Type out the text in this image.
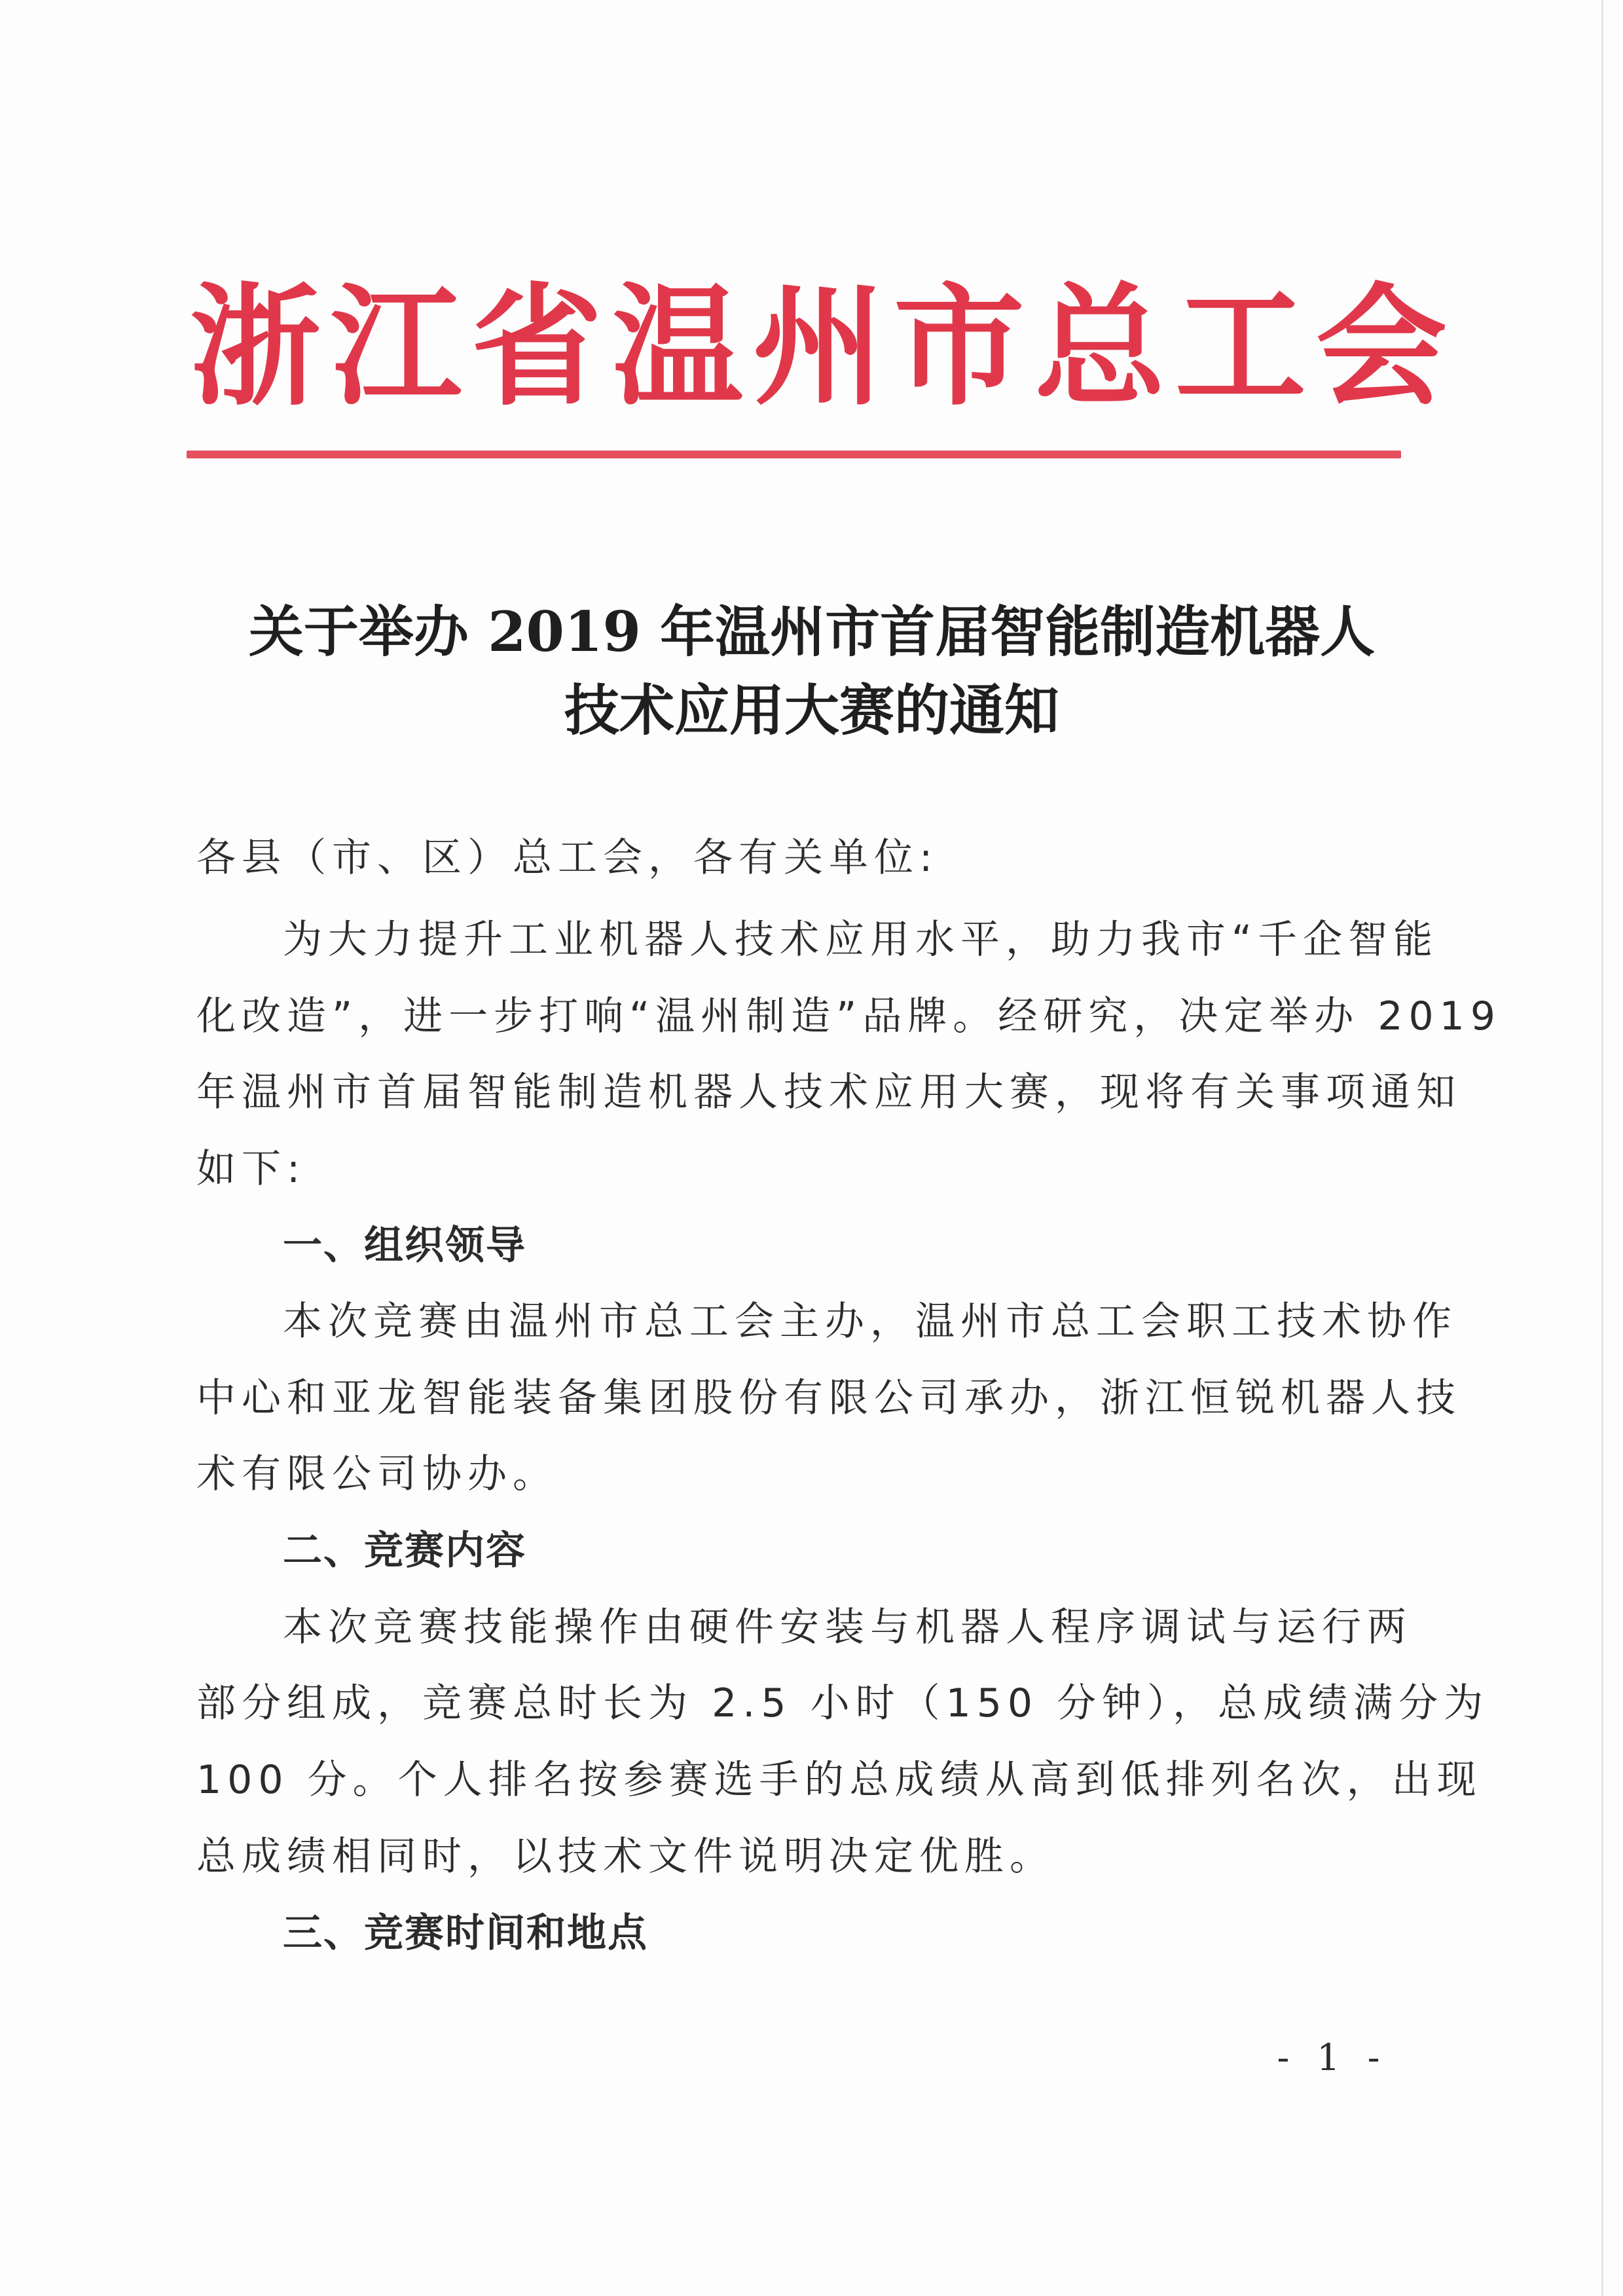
浙 江 省 温 州 市 总 工 会
关于举办 2019 年温州市首届智能制造机器人
技术应用大赛的通知
各县（市、区）总工会，各有关单位:
为大力提升工业机器人技术应用水平，助力我市“千企智能
化改造”，进一步打响“温州制造”品牌。经研究，决定举办 2019
年温州市首届智能制造机器人技术应用大赛，现将有关事项通知
如下:
一、组织领导
本次竞赛由温州市总工会主办，温州市总工会职工技术协作
中心和亚龙智能装备集团股份有限公司承办，浙江恒锐机器人技
术有限公司协办。
二、竞赛内容
本次竞赛技能操作由硬件安装与机器人程序调试与运行两
部分组成，竞赛总时长为 2.5 小时（150 分钟），总成绩满分为
100 分。个人排名按参赛选手的总成绩从高到低排列名次，出现
总成绩相同时，以技术文件说明决定优胜。
三、竞赛时间和地点
- 1 -
